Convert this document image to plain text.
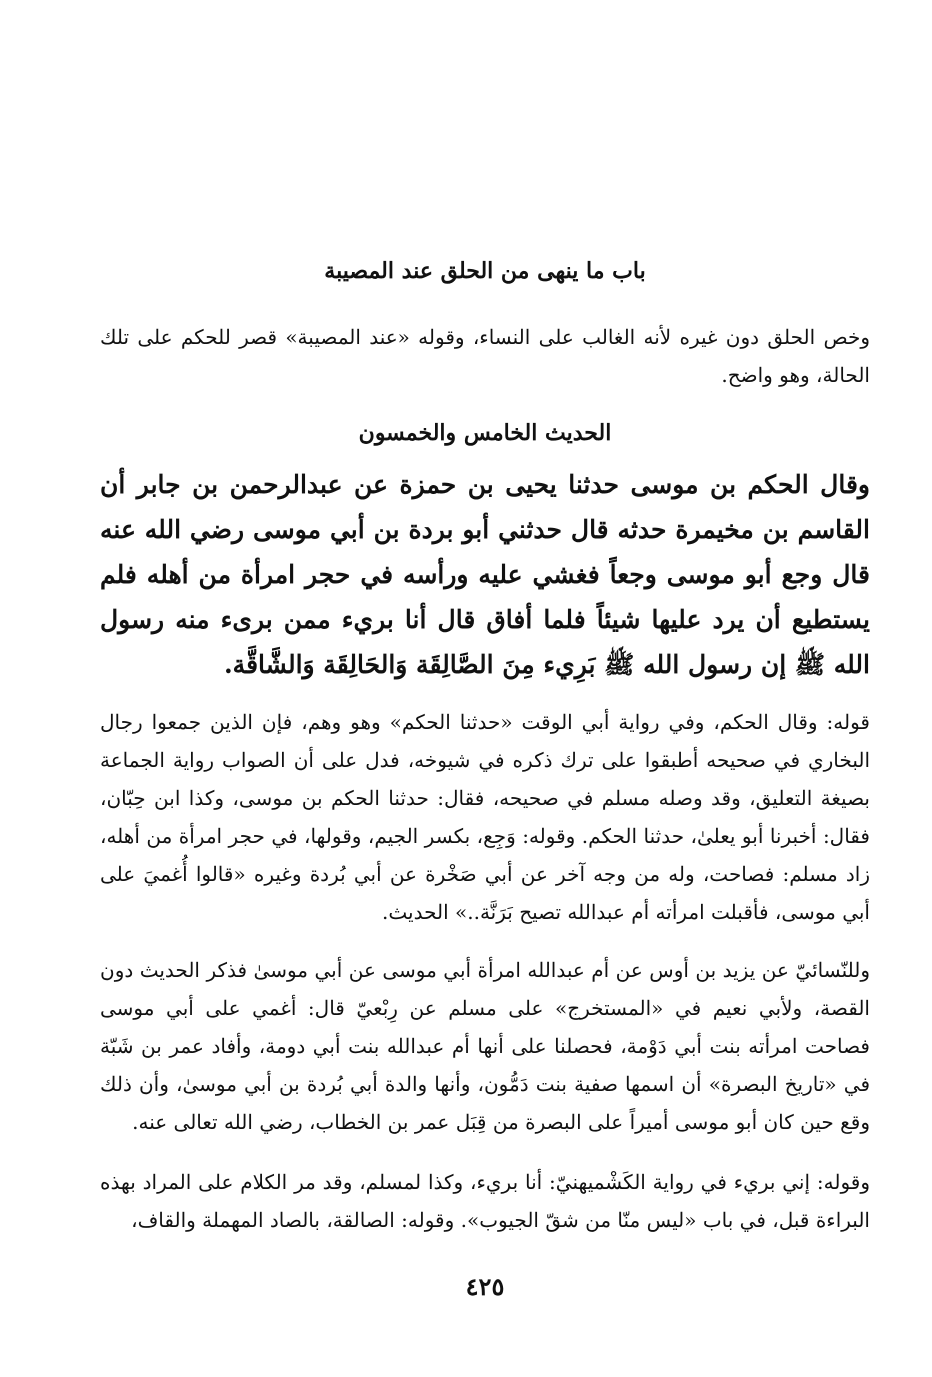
باب ما ينهى من الحلق عند المصيبة

وخص الحلق دون غيره لأنه الغالب على النساء، وقوله «عند المصيبة» قصر للحكم على تلك الحالة، وهو واضح.

الحديث الخامس والخمسون

وقال الحكم بن موسى حدثنا يحيى بن حمزة عن عبدالرحمن بن جابر أن القاسم بن مخيمرة حدثه قال حدثني أبو بردة بن أبي موسى رضي الله عنه قال وجع أبو موسى وجعاً فغشي عليه ورأسه في حجر امرأة من أهله فلم يستطيع أن يرد عليها شيئاً فلما أفاق قال أنا بريء ممن برىء منه رسول الله ﷺ إن رسول الله ﷺ بَرِيء مِنَ الصَّالِقَة وَالحَالِقَة وَالشَّاقَّة.

قوله: وقال الحكم، وفي رواية أبي الوقت «حدثنا الحكم» وهو وهم، فإن الذين جمعوا رجال البخاري في صحيحه أطبقوا على ترك ذكره في شيوخه، فدل على أن الصواب رواية الجماعة بصيغة التعليق، وقد وصله مسلم في صحيحه، فقال: حدثنا الحكم بن موسى، وكذا ابن حِبّان، فقال: أخبرنا أبو يعلىٰ، حدثنا الحكم. وقوله: وَجِع، بكسر الجيم، وقولها، في حجر امرأة من أهله، زاد مسلم: فصاحت، وله من وجه آخر عن أبي صَخْرة عن أبي بُردة وغيره «قالوا أُغميَ على أبي موسى، فأقبلت امرأته أم عبدالله تصيح بَرَنَّة..» الحديث.

وللنّسائيّ عن يزيد بن أوس عن أم عبدالله امرأة أبي موسى عن أبي موسىٰ فذكر الحديث دون القصة، ولأبي نعيم في «المستخرج» على مسلم عن رِبْعيّ قال: أغمي على أبي موسى فصاحت امرأته بنت أبي دَوْمة، فحصلنا على أنها أم عبدالله بنت أبي دومة، وأفاد عمر بن شَبّة في «تاريخ البصرة» أن اسمها صفية بنت دَمُّون، وأنها والدة أبي بُردة بن أبي موسىٰ، وأن ذلك وقع حين كان أبو موسى أميراً على البصرة من قِبَل عمر بن الخطاب، رضي الله تعالى عنه.

وقوله: إني بريء في رواية الكَشْميهنيّ: أنا بريء، وكذا لمسلم، وقد مر الكلام على المراد بهذه البراءة قبل، في باب «ليس منّا من شقّ الجيوب». وقوله: الصالقة، بالصاد المهملة والقاف،

٤٢٥
